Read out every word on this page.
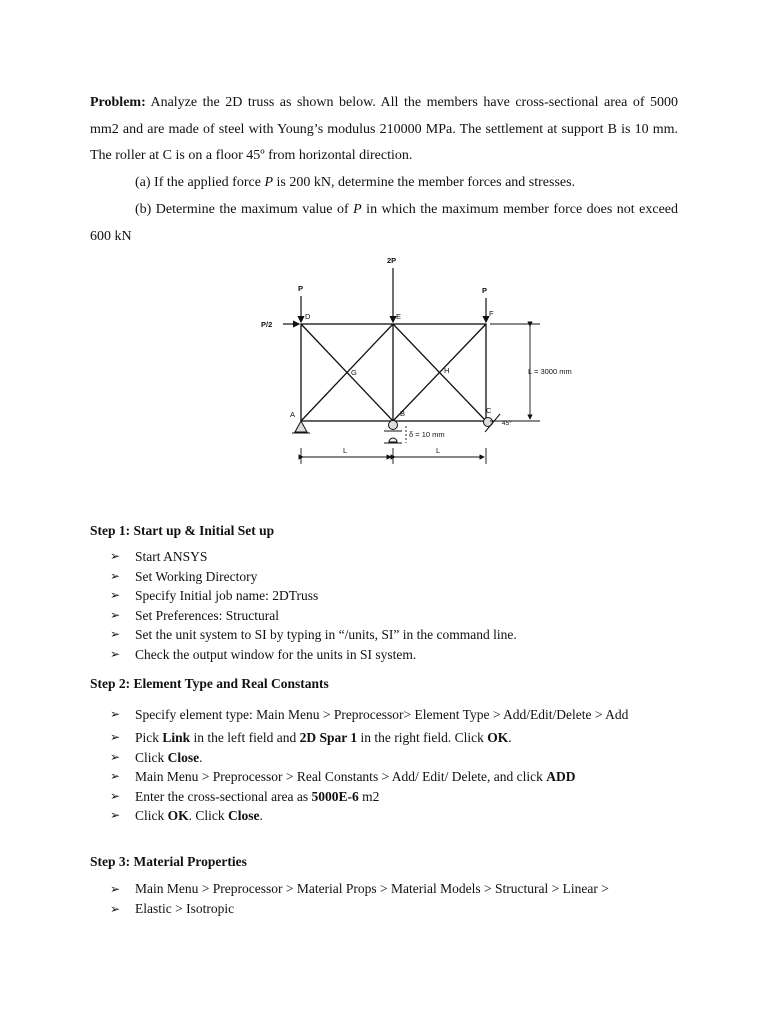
Problem: Analyze the 2D truss as shown below. All the members have cross-sectional area of 5000 mm2 and are made of steel with Young’s modulus 210000 MPa. The settlement at support B is 10 mm. The roller at C is on a floor 45º from horizontal direction.
(a) If the applied force P is 200 kN, determine the member forces and stresses.
(b) Determine the maximum value of P in which the maximum member force does not exceed 600 kN
2P
P	P
P/2
D	E	F
G	H
A	B	C
L = 3000 mm
45°
δ = 10 mm
L	L
Step 1: Start up & Initial Set up
➢ Start ANSYS
➢ Set Working Directory
➢ Specify Initial job name: 2DTruss
➢ Set Preferences: Structural
➢ Set the unit system to SI by typing in “/units, SI” in the command line.
➢ Check the output window for the units in SI system.
Step 2: Element Type and Real Constants
➢ Specify element type: Main Menu > Preprocessor> Element Type > Add/Edit/Delete > Add
➢ Pick Link in the left field and 2D Spar 1 in the right field. Click OK.
➢ Click Close.
➢ Main Menu > Preprocessor > Real Constants > Add/ Edit/ Delete, and click ADD
➢ Enter the cross-sectional area as 5000E-6 m2
➢ Click OK. Click Close.
Step 3: Material Properties
➢ Main Menu > Preprocessor > Material Props > Material Models > Structural > Linear >
➢ Elastic > Isotropic
